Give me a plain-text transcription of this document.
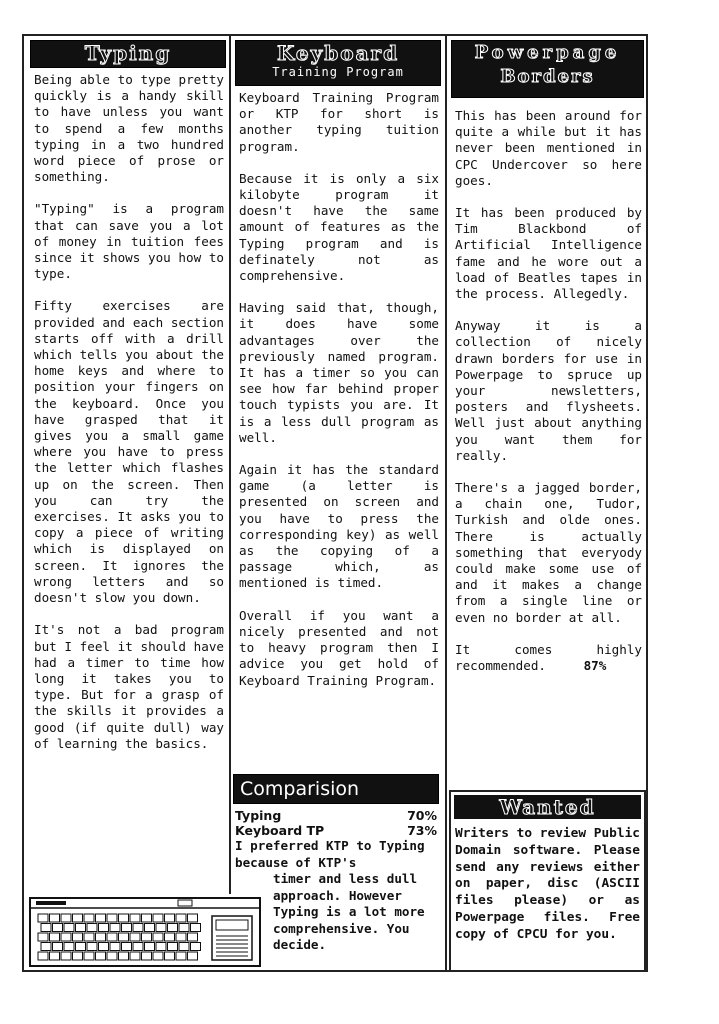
Typing

Being able to type pretty quickly is a handy skill to have unless you want to spend a few months typing in a two hundred word piece of prose or something.

"Typing" is a program that can save you a lot of money in tuition fees since it shows you how to type.

Fifty exercises are provided and each section starts off with a drill which tells you about the home keys and where to position your fingers on the keyboard. Once you have grasped that it gives you a small game where you have to press the letter which flashes up on the screen. Then you can try the exercises. It asks you to copy a piece of writing which is displayed on screen. It ignores the wrong letters and so doesn't slow you down.

It's not a bad program but I feel it should have had a timer to time how long it takes you to type. But for a grasp of the skills it provides a good (if quite dull) way of learning the basics.

Keyboard
Training Program

Keyboard Training Program or KTP for short is another typing tuition program.

Because it is only a six kilobyte program it doesn't have the same amount of features as the Typing program and is definately not as comprehensive.

Having said that, though, it does have some advantages over the previously named program. It has a timer so you can see how far behind proper touch typists you are. It is a less dull program as well.

Again it has the standard game (a letter is presented on screen and you have to press the corresponding key) as well as the copying of a passage which, as mentioned is timed.

Overall if you want a nicely presented and not to heavy program then I advice you get hold of Keyboard Training Program.

Powerpage
Borders

This has been around for quite a while but it has never been mentioned in CPC Undercover so here goes.

It has been produced by Tim Blackbond of Artificial Intelligence fame and he wore out a load of Beatles tapes in the process. Allegedly.

Anyway it is a collection of nicely drawn borders for use in Powerpage to spruce up your newsletters, posters and flysheets. Well just about anything you want them for really.

There's a jagged border, a chain one, Tudor, Turkish and olde ones. There is actually something that everyody could make some use of and it makes a change from a single line or even no border at all.

It comes highly recommended.	87%

Comparision
Typing	70%
Keyboard TP	73%
I preferred KTP to Typing because of KTP's
timer and less dull approach. However Typing is a lot more comprehensive. You decide.
Wanted
Writers to review Public Domain software. Please send any reviews either on paper, disc (ASCII files please) or as Powerpage files. Free copy of CPCU for you.
